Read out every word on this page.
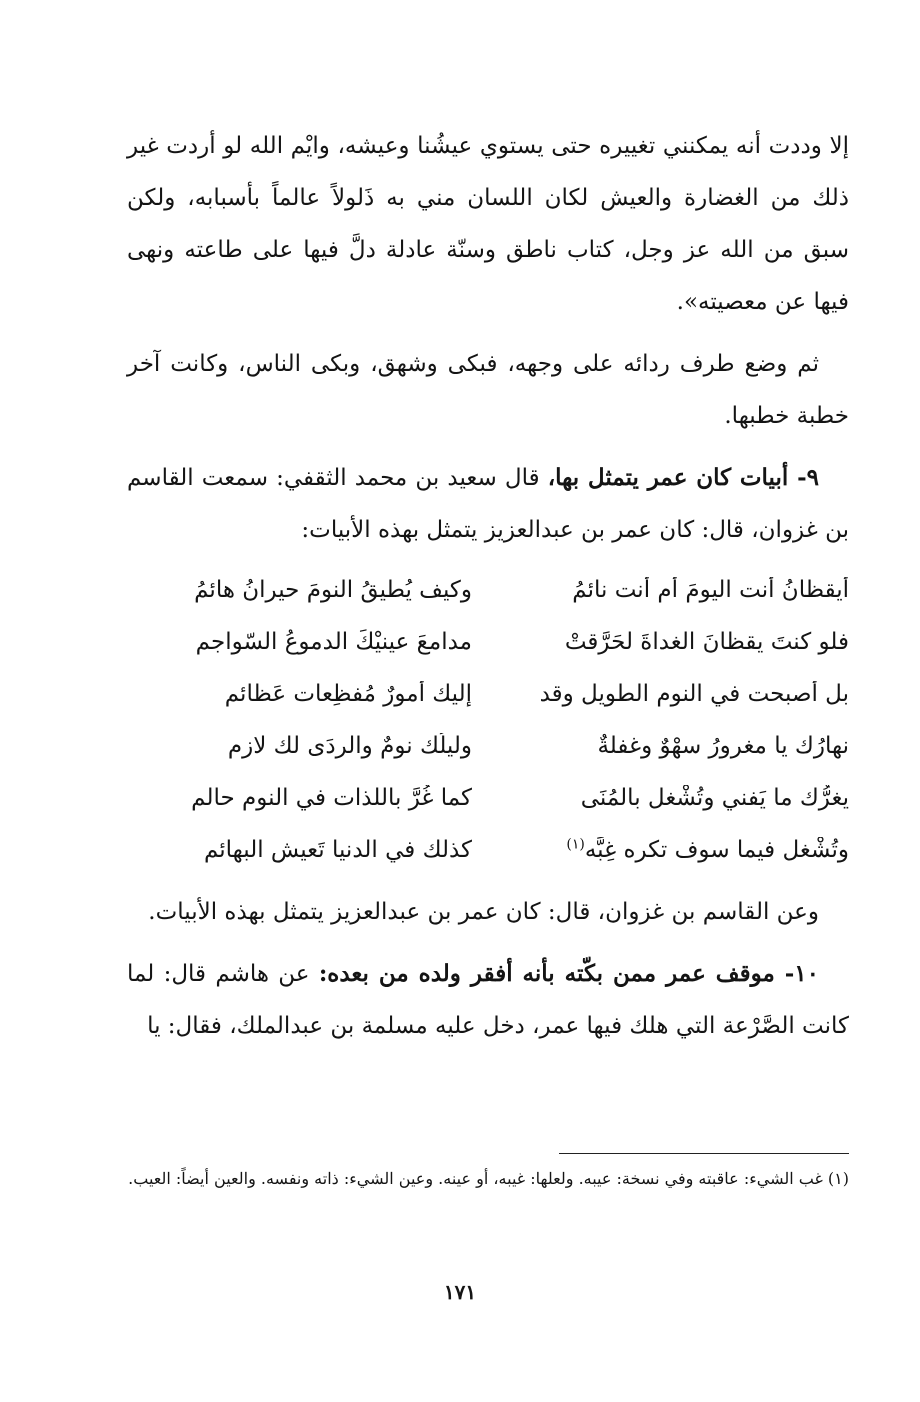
إلا وددت أنه يمكنني تغييره حتى يستوي عيشُنا وعيشه، وايْم الله لو أردت غير ذلك من الغضارة والعيش لكان اللسان مني به ذَلولاً عالماً بأسبابه، ولكن سبق من الله عز وجل، كتاب ناطق وسنّة عادلة دلَّ فيها على طاعته ونهى فيها عن معصيته».

ثم وضع طرف ردائه على وجهه، فبكى وشهق، وبكى الناس، وكانت آخر خطبة خطبها.

٩- أبيات كان عمر يتمثل بها، قال سعيد بن محمد الثقفي: سمعت القاسم بن غزوان، قال: كان عمر بن عبدالعزيز يتمثل بهذه الأبيات:

أيقظانُ أنت اليومَ أم أنت نائمُ
وكيف يُطيقُ النومَ حيرانُ هائمُ
فلو كنتَ يقظانَ الغداةَ لحَرَّقتْ
مدامعَ عينيْكَ الدموعُ السّواجم
بل أصبحت في النوم الطويل وقد
إليك أمورٌ مُفظِعات عَظائم
نهارُك يا مغرورُ سهْوٌ وغفلةٌ
وليلُك نومٌ والردَى لك لازِم
يغرُّك ما يَفني وتُشْغل بالمُنَى
كما غُرَّ باللذات في النوم حالم
وتُشْغل فيما سوف تكره غِبَّه$^{(١)}$
كذلك في الدنيا تَعيش البهائم

وعن القاسم بن غزوان، قال: كان عمر بن عبدالعزيز يتمثل بهذه الأبيات.

١٠- موقف عمر ممن بكّته بأنه أفقر ولده من بعده: عن هاشم قال: لما كانت الصَّرْعة التي هلك فيها عمر، دخل عليه مسلمة بن عبدالملك، فقال: يا

(١) غب الشيء: عاقبته وفي نسخة: عيبه. ولعلها: غيبه، أو عينه. وعين الشيء: ذاته ونفسه. والعين أيضاً: العيب.

١٧١
